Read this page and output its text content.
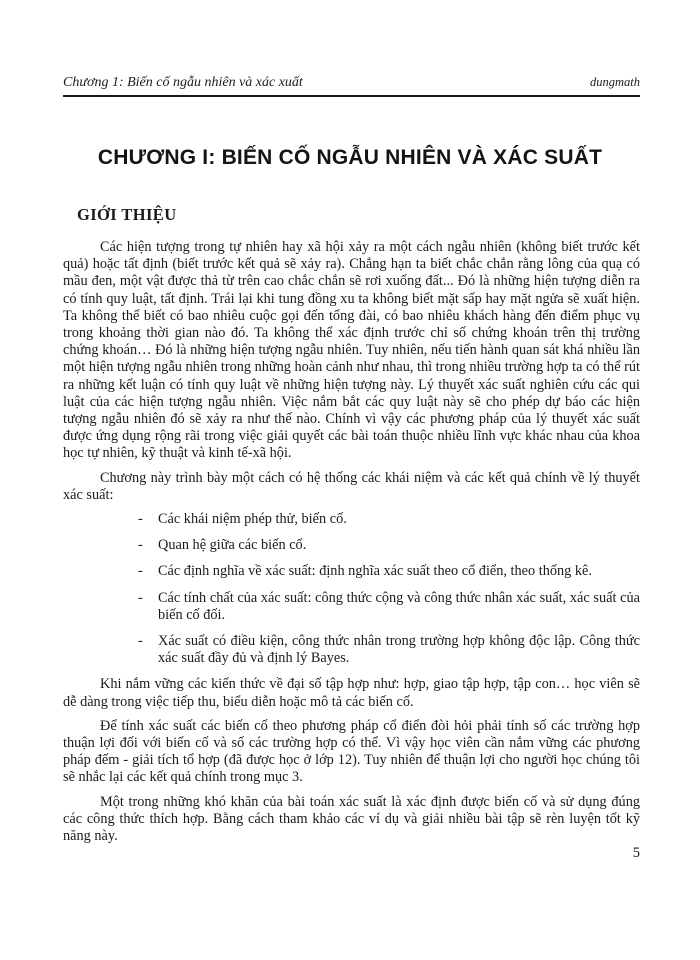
Chương 1: Biến cố ngẫu nhiên và xác xuất	dungmath
CHƯƠNG I: BIẾN CỐ NGẪU NHIÊN VÀ XÁC SUẤT
GIỚI THIỆU

Các hiện tượng trong tự nhiên hay xã hội xảy ra một cách ngẫu nhiên (không biết trước kết quả) hoặc tất định (biết trước kết quả sẽ xảy ra). Chẳng hạn ta biết chắc chắn rằng lông của quạ có mầu đen, một vật được thả từ trên cao chắc chắn sẽ rơi xuống đất... Đó là những hiện tượng diễn ra có tính quy luật, tất định. Trái lại khi tung đồng xu ta không biết mặt sấp hay mặt ngửa sẽ xuất hiện. Ta không thể biết có bao nhiêu cuộc gọi đến tổng đài, có bao nhiêu khách hàng đến điểm phục vụ trong khoảng thời gian nào đó. Ta không thể xác định trước chỉ số chứng khoán trên thị trường chứng khoán… Đó là những hiện tượng ngẫu nhiên. Tuy nhiên, nếu tiến hành quan sát khá nhiều lần một hiện tượng ngẫu nhiên trong những hoàn cảnh như nhau, thì trong nhiều trường hợp ta có thể rút ra những kết luận có tính quy luật về những hiện tượng này. Lý thuyết xác suất nghiên cứu các qui luật của các hiện tượng ngẫu nhiên. Việc nắm bắt các quy luật này sẽ cho phép dự báo các hiện tượng ngẫu nhiên đó sẽ xảy ra như thế nào. Chính vì vậy các phương pháp của lý thuyết xác suất được ứng dụng rộng rãi trong việc giải quyết các bài toán thuộc nhiều lĩnh vực khác nhau của khoa học tự nhiên, kỹ thuật và kinh tế-xã hội.

Chương này trình bày một cách có hệ thống các khái niệm và các kết quả chính về lý thuyết xác suất:

-	Các khái niệm phép thử, biến cố.
-	Quan hệ giữa các biến cố.
-	Các định nghĩa về xác suất: định nghĩa xác suất theo cổ điển, theo thống kê.
-	Các tính chất của xác suất: công thức cộng và công thức nhân xác suất, xác suất của biến cố đối.
-	Xác suất có điều kiện, công thức nhân trong trường hợp không độc lập. Công thức xác suất đầy đủ và định lý Bayes.

Khi nắm vững các kiến thức về đại số tập hợp như: hợp, giao tập hợp, tập con… học viên sẽ dễ dàng trong việc tiếp thu, biểu diễn hoặc mô tả các biến cố.

Để tính xác suất các biến cố theo phương pháp cổ điển đòi hỏi phải tính số các trường hợp thuận lợi đối với biến cố và số các trường hợp có thể. Vì vậy học viên cần nắm vững các phương pháp đếm - giải tích tổ hợp (đã được học ở lớp 12). Tuy nhiên để thuận lợi cho người học chúng tôi sẽ nhắc lại các kết quả chính trong mục 3.

Một trong những khó khăn của bài toán xác suất là xác định được biến cố và sử dụng đúng các công thức thích hợp. Bằng cách tham khảo các ví dụ và giải nhiều bài tập sẽ rèn luyện tốt kỹ năng này.

5
